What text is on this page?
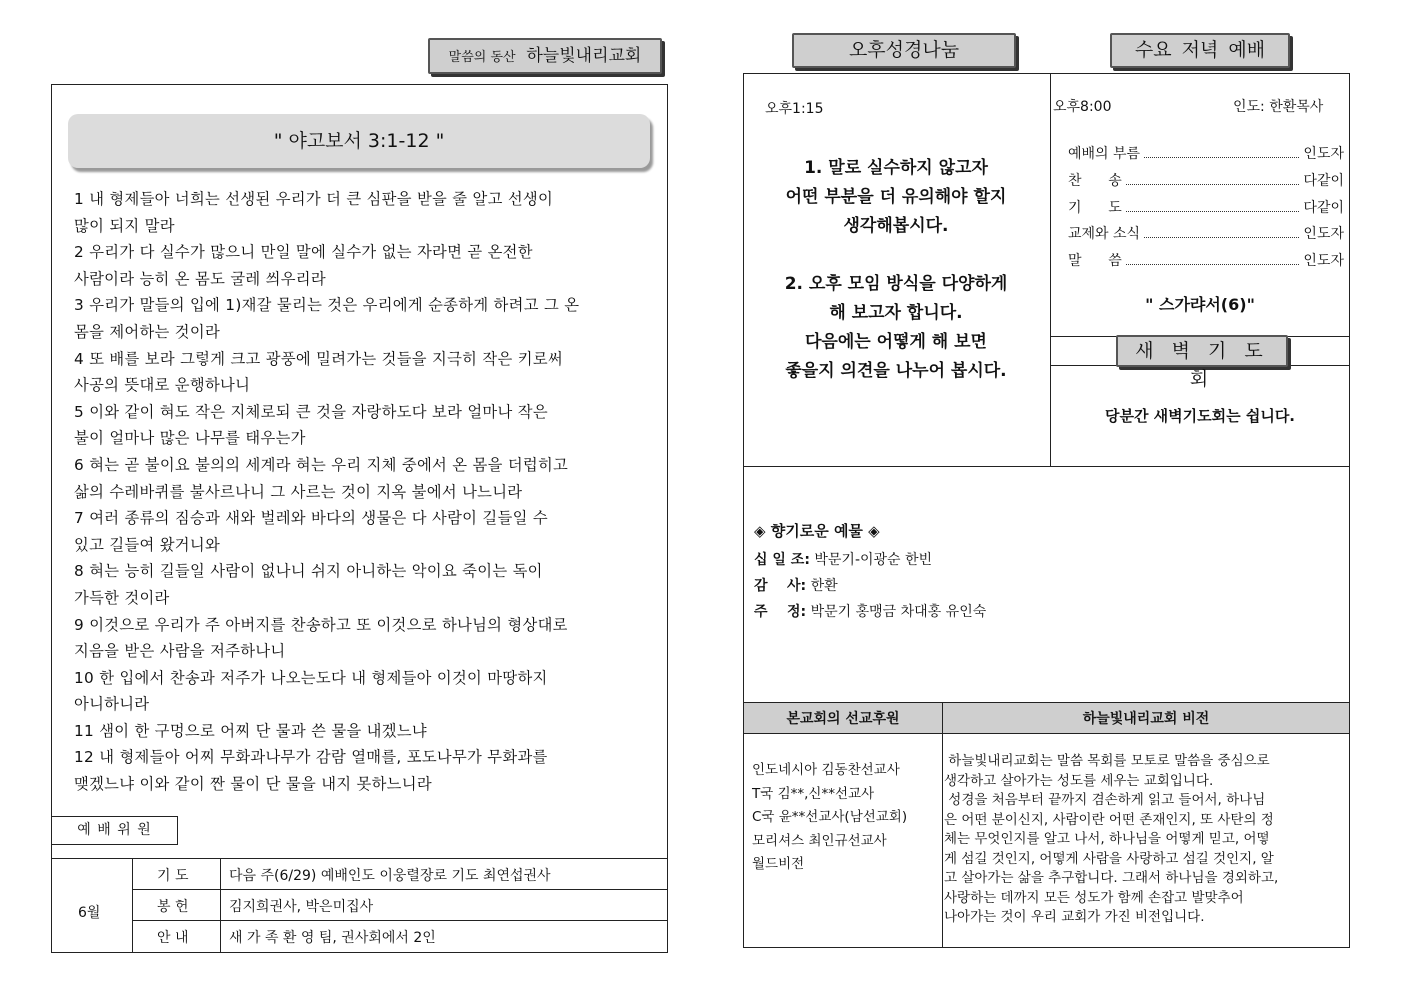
말씀의 동산 하늘빛내리교회
" 야고보서 3:1-12 "
1 내 형제들아 너희는 선생된 우리가 더 큰 심판을 받을 줄 알고 선생이
많이 되지 말라
2 우리가 다 실수가 많으니 만일 말에 실수가 없는 자라면 곧 온전한
사람이라 능히 온 몸도 굴레 씌우리라
3 우리가 말들의 입에 1)재갈 물리는 것은 우리에게 순종하게 하려고 그 온
몸을 제어하는 것이라
4 또 배를 보라 그렇게 크고 광풍에 밀려가는 것들을 지극히 작은 키로써
사공의 뜻대로 운행하나니
5 이와 같이 혀도 작은 지체로되 큰 것을 자랑하도다 보라 얼마나 작은
불이 얼마나 많은 나무를 태우는가
6 혀는 곧 불이요 불의의 세계라 혀는 우리 지체 중에서 온 몸을 더럽히고
삶의 수레바퀴를 불사르나니 그 사르는 것이 지옥 불에서 나느니라
7 여러 종류의 짐승과 새와 벌레와 바다의 생물은 다 사람이 길들일 수
있고 길들여 왔거니와
8 혀는 능히 길들일 사람이 없나니 쉬지 아니하는 악이요 죽이는 독이
가득한 것이라
9 이것으로 우리가 주 아버지를 찬송하고 또 이것으로 하나님의 형상대로
지음을 받은 사람을 저주하나니
10 한 입에서 찬송과 저주가 나오는도다 내 형제들아 이것이 마땅하지
아니하니라
11 샘이 한 구멍으로 어찌 단 물과 쓴 물을 내겠느냐
12 내 형제들아 어찌 무화과나무가 감람 열매를, 포도나무가 무화과를
맺겠느냐 이와 같이 짠 물이 단 물을 내지 못하느니라
예 배 위 원
6월
기 도	다음 주(6/29) 예배인도 이웅렬장로 기도 최연섭권사
봉 헌	김지희권사, 박은미집사
안 내	새 가 족 환 영 팀, 권사회에서 2인
오후성경나눔	수요 저녁 예배
오후1:15
1. 말로 실수하지 않고자
어떤 부분을 더 유의해야 할지
생각해봅시다.
2. 오후 모임 방식을 다양하게
해 보고자 합니다.
다음에는 어떻게 해 보면
좋을지 의견을 나누어 봅시다.
오후8:00	인도: 한환목사
예배의 부름	인도자
찬      송	다같이
기      도	다같이
교제와 소식	인도자
말      씀	인도자
" 스가랴서(6)"
새 벽 기 도 회
당분간 새벽기도회는 쉽니다.
◈ 향기로운 예물 ◈
십 일 조: 박문기-이광순 한빈
감    사: 한환
주    정: 박문기 홍맹금 차대홍 유인숙
본교회의 선교후원	하늘빛내리교회 비전
인도네시아 김동찬선교사
T국 김**,신**선교사
C국 윤**선교사(남선교회)
모리셔스 최인규선교사
월드비전
하늘빛내리교회는 말씀 목회를 모토로 말씀을 중심으로
생각하고 살아가는 성도를 세우는 교회입니다.
성경을 처음부터 끝까지 겸손하게 읽고 들어서, 하나님
은 어떤 분이신지, 사람이란 어떤 존재인지, 또 사탄의 정
체는 무엇인지를 알고 나서, 하나님을 어떻게 믿고, 어떻
게 섬길 것인지, 어떻게 사람을 사랑하고 섬길 것인지, 알
고 살아가는 삶을 추구합니다. 그래서 하나님을 경외하고,
사랑하는 데까지 모든 성도가 함께 손잡고 발맞추어
나아가는 것이 우리 교회가 가진 비전입니다.
